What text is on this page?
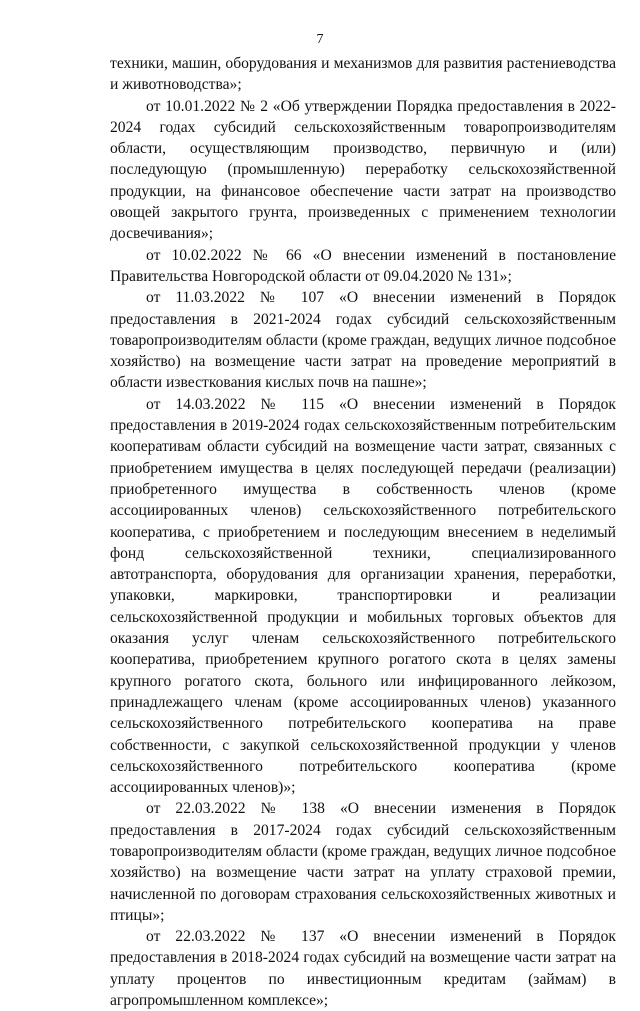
7

техники, машин, оборудования и механизмов для развития растениеводства и животноводства»;

от 10.01.2022 № 2 «Об утверждении Порядка предоставления в 2022-2024 годах субсидий сельскохозяйственным товаропроизводителям области, осуществляющим производство, первичную и (или) последующую (промышленную) переработку сельскохозяйственной продукции, на финансовое обеспечение части затрат на производство овощей закрытого грунта, произведенных с применением технологии досвечивания»;

от 10.02.2022 № 66 «О внесении изменений в постановление Правительства Новгородской области от 09.04.2020 № 131»;

от 11.03.2022 № 107 «О внесении изменений в Порядок предоставления в 2021-2024 годах субсидий сельскохозяйственным товаропроизводителям области (кроме граждан, ведущих личное подсобное хозяйство) на возмещение части затрат на проведение мероприятий в области известкования кислых почв на пашне»;

от 14.03.2022 № 115 «О внесении изменений в Порядок предоставления в 2019-2024 годах сельскохозяйственным потребительским кооперативам области субсидий на возмещение части затрат, связанных с приобретением имущества в целях последующей передачи (реализации) приобретенного имущества в собственность членов (кроме ассоциированных членов) сельскохозяйственного потребительского кооператива, с приобретением и последующим внесением в неделимый фонд сельскохозяйственной техники, специализированного автотранспорта, оборудования для организации хранения, переработки, упаковки, маркировки, транспортировки и реализации сельскохозяйственной продукции и мобильных торговых объектов для оказания услуг членам сельскохозяйственного потребительского кооператива, приобретением крупного рогатого скота в целях замены крупного рогатого скота, больного или инфицированного лейкозом, принадлежащего членам (кроме ассоциированных членов) указанного сельскохозяйственного потребительского кооператива на праве собственности, с закупкой сельскохозяйственной продукции у членов сельскохозяйственного потребительского кооператива (кроме ассоциированных членов)»;

от 22.03.2022 № 138 «О внесении изменения в Порядок предоставления в 2017-2024 годах субсидий сельскохозяйственным товаропроизводителям области (кроме граждан, ведущих личное подсобное хозяйство) на возмещение части затрат на уплату страховой премии, начисленной по договорам страхования сельскохозяйственных животных и птицы»;

от 22.03.2022 № 137 «О внесении изменений в Порядок предоставления в 2018-2024 годах субсидий на возмещение части затрат на уплату процентов по инвестиционным кредитам (займам) в агропромышленном комплексе»;
